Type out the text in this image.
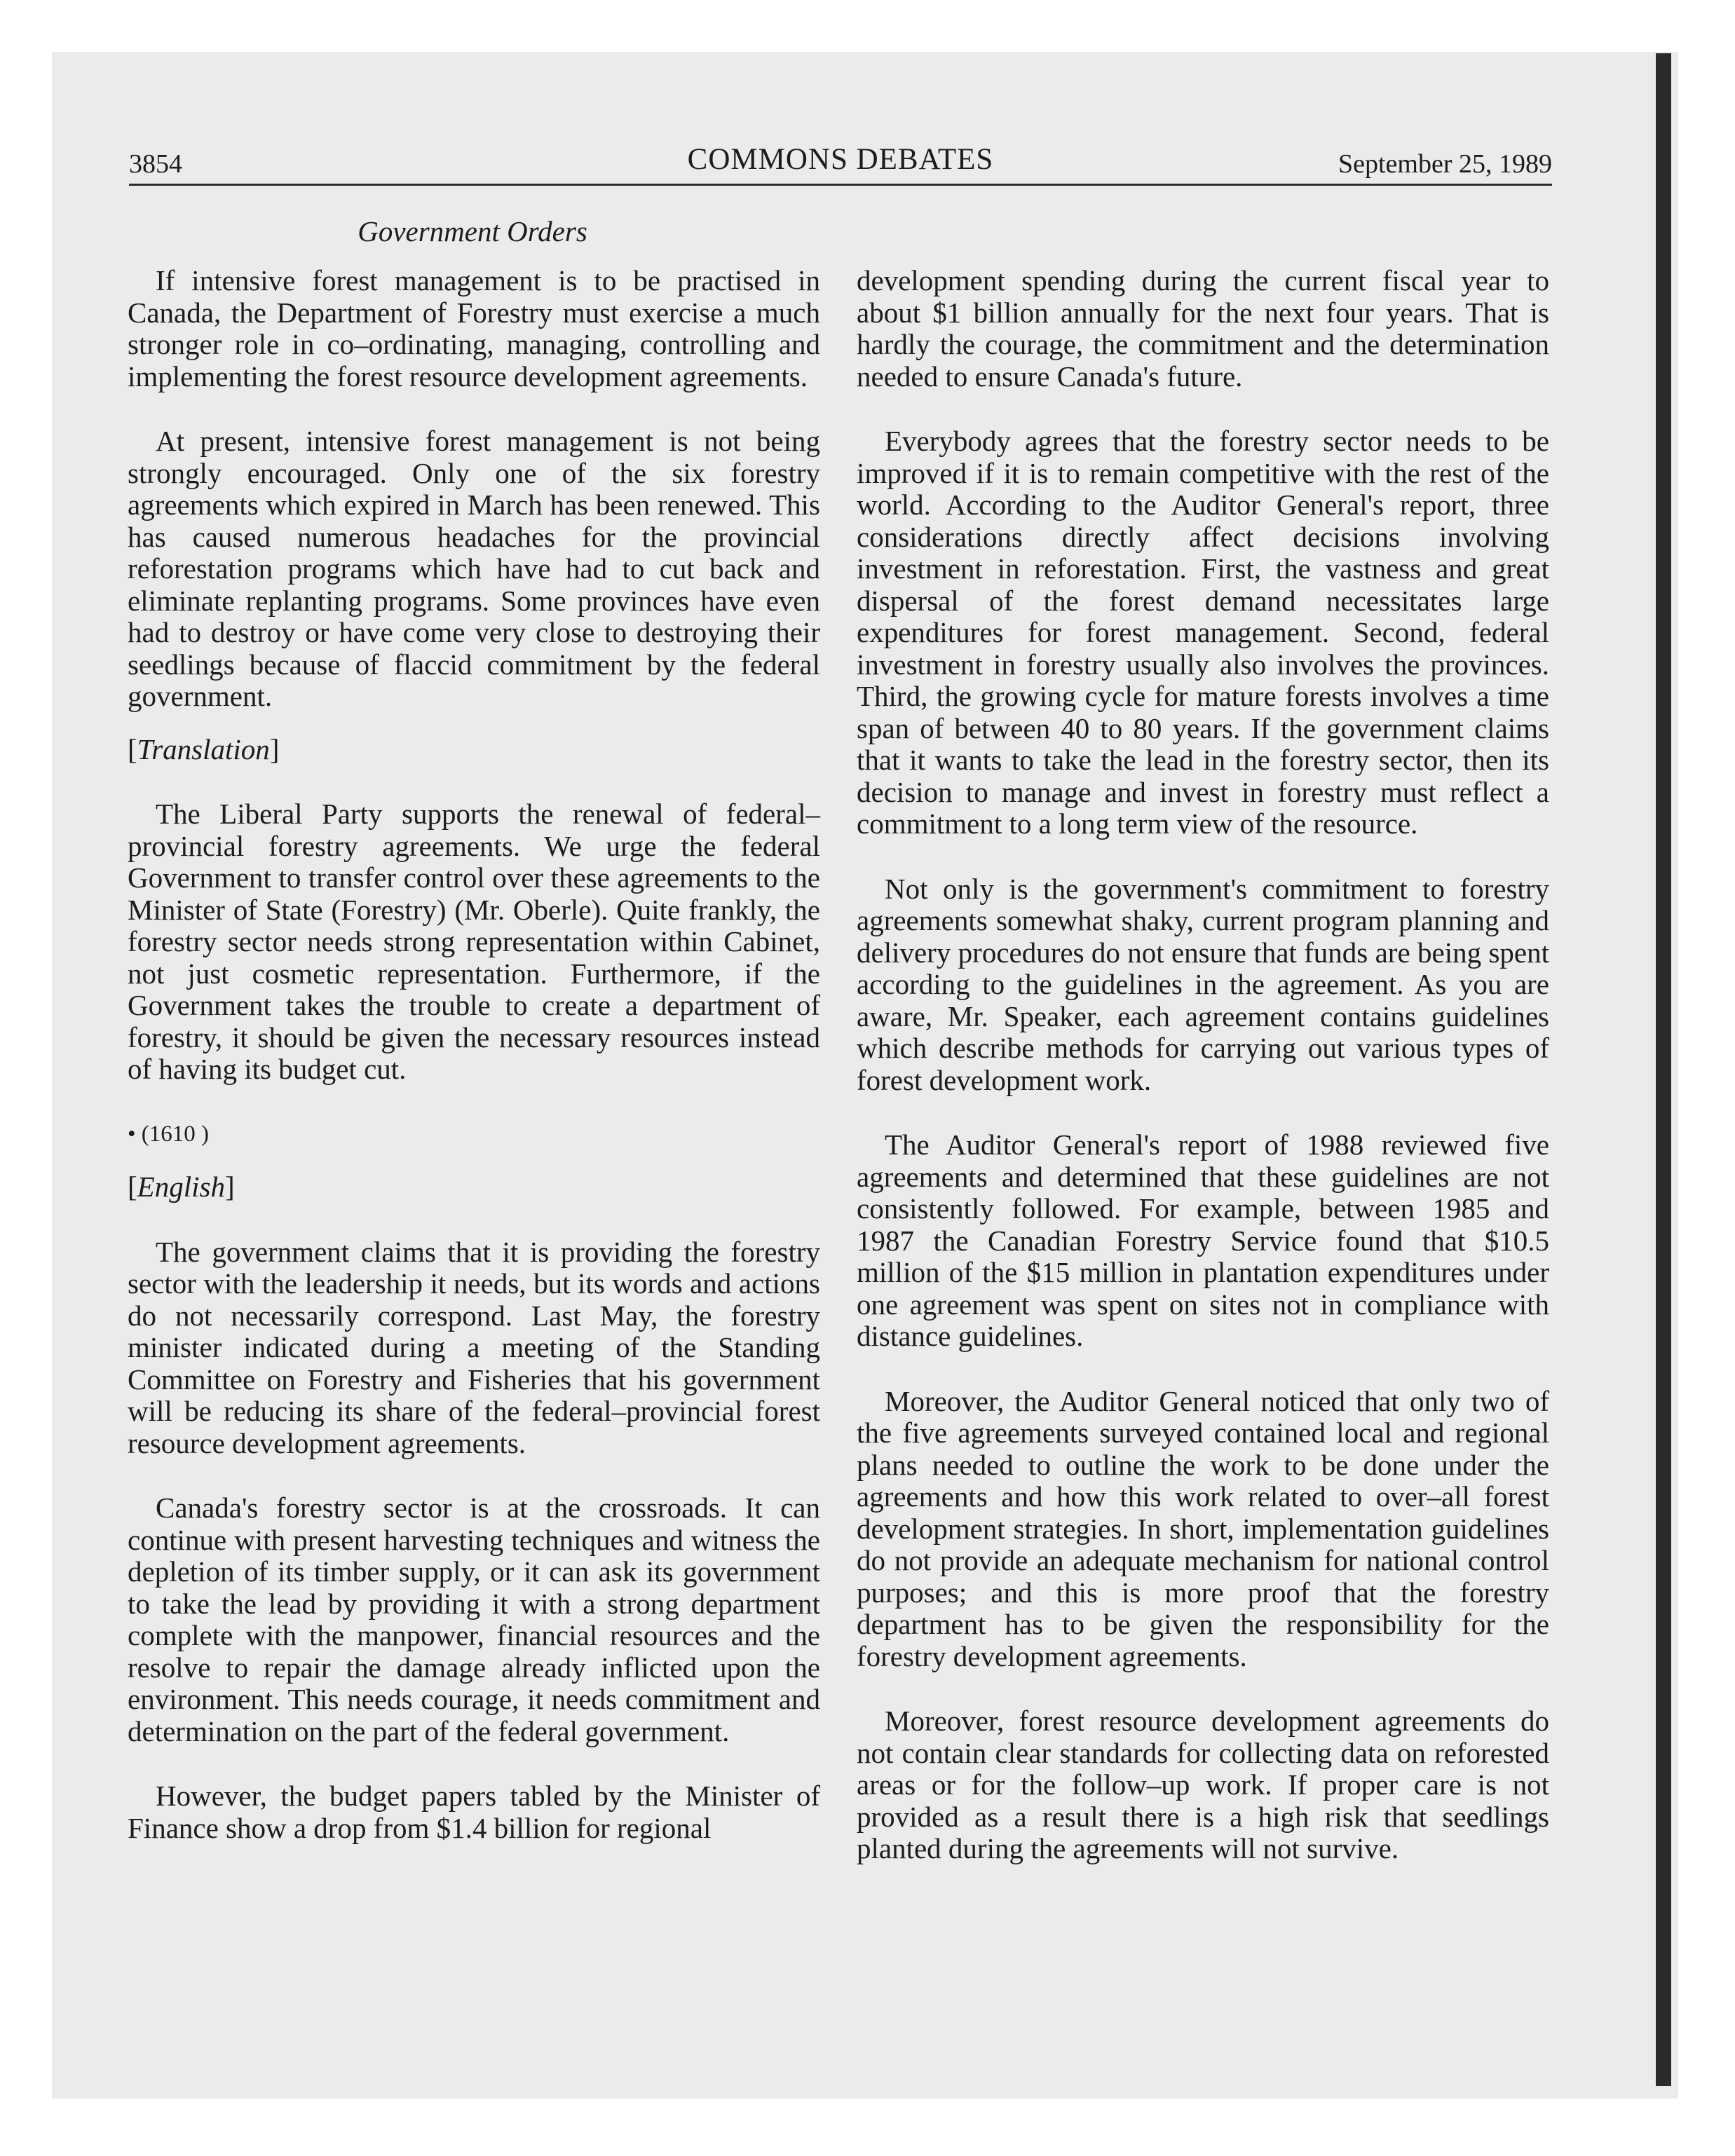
3854	COMMONS DEBATES	September 25, 1989
Government Orders

If intensive forest management is to be practised in Canada, the Department of Forestry must exercise a much stronger role in co–ordinating, managing, controlling and implementing the forest resource development agreements.

At present, intensive forest management is not being strongly encouraged. Only one of the six forestry agreements which expired in March has been renewed. This has caused numerous headaches for the provincial reforestation programs which have had to cut back and eliminate replanting programs. Some provinces have even had to destroy or have come very close to destroying their seedlings because of flaccid commitment by the federal government.

[Translation]

The Liberal Party supports the renewal of federal–provincial forestry agreements. We urge the federal Government to transfer control over these agreements to the Minister of State (Forestry) (Mr. Oberle). Quite frankly, the forestry sector needs strong representation within Cabinet, not just cosmetic representation. Furthermore, if the Government takes the trouble to create a department of forestry, it should be given the necessary resources instead of having its budget cut.

• (1610 )

[English]

The government claims that it is providing the forestry sector with the leadership it needs, but its words and actions do not necessarily correspond. Last May, the forestry minister indicated during a meeting of the Standing Committee on Forestry and Fisheries that his government will be reducing its share of the federal–provincial forest resource development agreements.

Canada's forestry sector is at the crossroads. It can continue with present harvesting techniques and witness the depletion of its timber supply, or it can ask its government to take the lead by providing it with a strong department complete with the manpower, financial resources and the resolve to repair the damage already inflicted upon the environment. This needs courage, it needs commitment and determination on the part of the federal government.

However, the budget papers tabled by the Minister of Finance show a drop from $1.4 billion for regional

development spending during the current fiscal year to about $1 billion annually for the next four years. That is hardly the courage, the commitment and the determination needed to ensure Canada's future.

Everybody agrees that the forestry sector needs to be improved if it is to remain competitive with the rest of the world. According to the Auditor General's report, three considerations directly affect decisions involving investment in reforestation. First, the vastness and great dispersal of the forest demand necessitates large expenditures for forest management. Second, federal investment in forestry usually also involves the provinces. Third, the growing cycle for mature forests involves a time span of between 40 to 80 years. If the government claims that it wants to take the lead in the forestry sector, then its decision to manage and invest in forestry must reflect a commitment to a long term view of the resource.

Not only is the government's commitment to forestry agreements somewhat shaky, current program planning and delivery procedures do not ensure that funds are being spent according to the guidelines in the agreement. As you are aware, Mr. Speaker, each agreement contains guidelines which describe methods for carrying out various types of forest development work.

The Auditor General's report of 1988 reviewed five agreements and determined that these guidelines are not consistently followed. For example, between 1985 and 1987 the Canadian Forestry Service found that $10.5 million of the $15 million in plantation expenditures under one agreement was spent on sites not in compliance with distance guidelines.

Moreover, the Auditor General noticed that only two of the five agreements surveyed contained local and regional plans needed to outline the work to be done under the agreements and how this work related to over–all forest development strategies. In short, implementation guidelines do not provide an adequate mechanism for national control purposes; and this is more proof that the forestry department has to be given the responsibility for the forestry development agreements.

Moreover, forest resource development agreements do not contain clear standards for collecting data on reforested areas or for the follow–up work. If proper care is not provided as a result there is a high risk that seedlings planted during the agreements will not survive.
